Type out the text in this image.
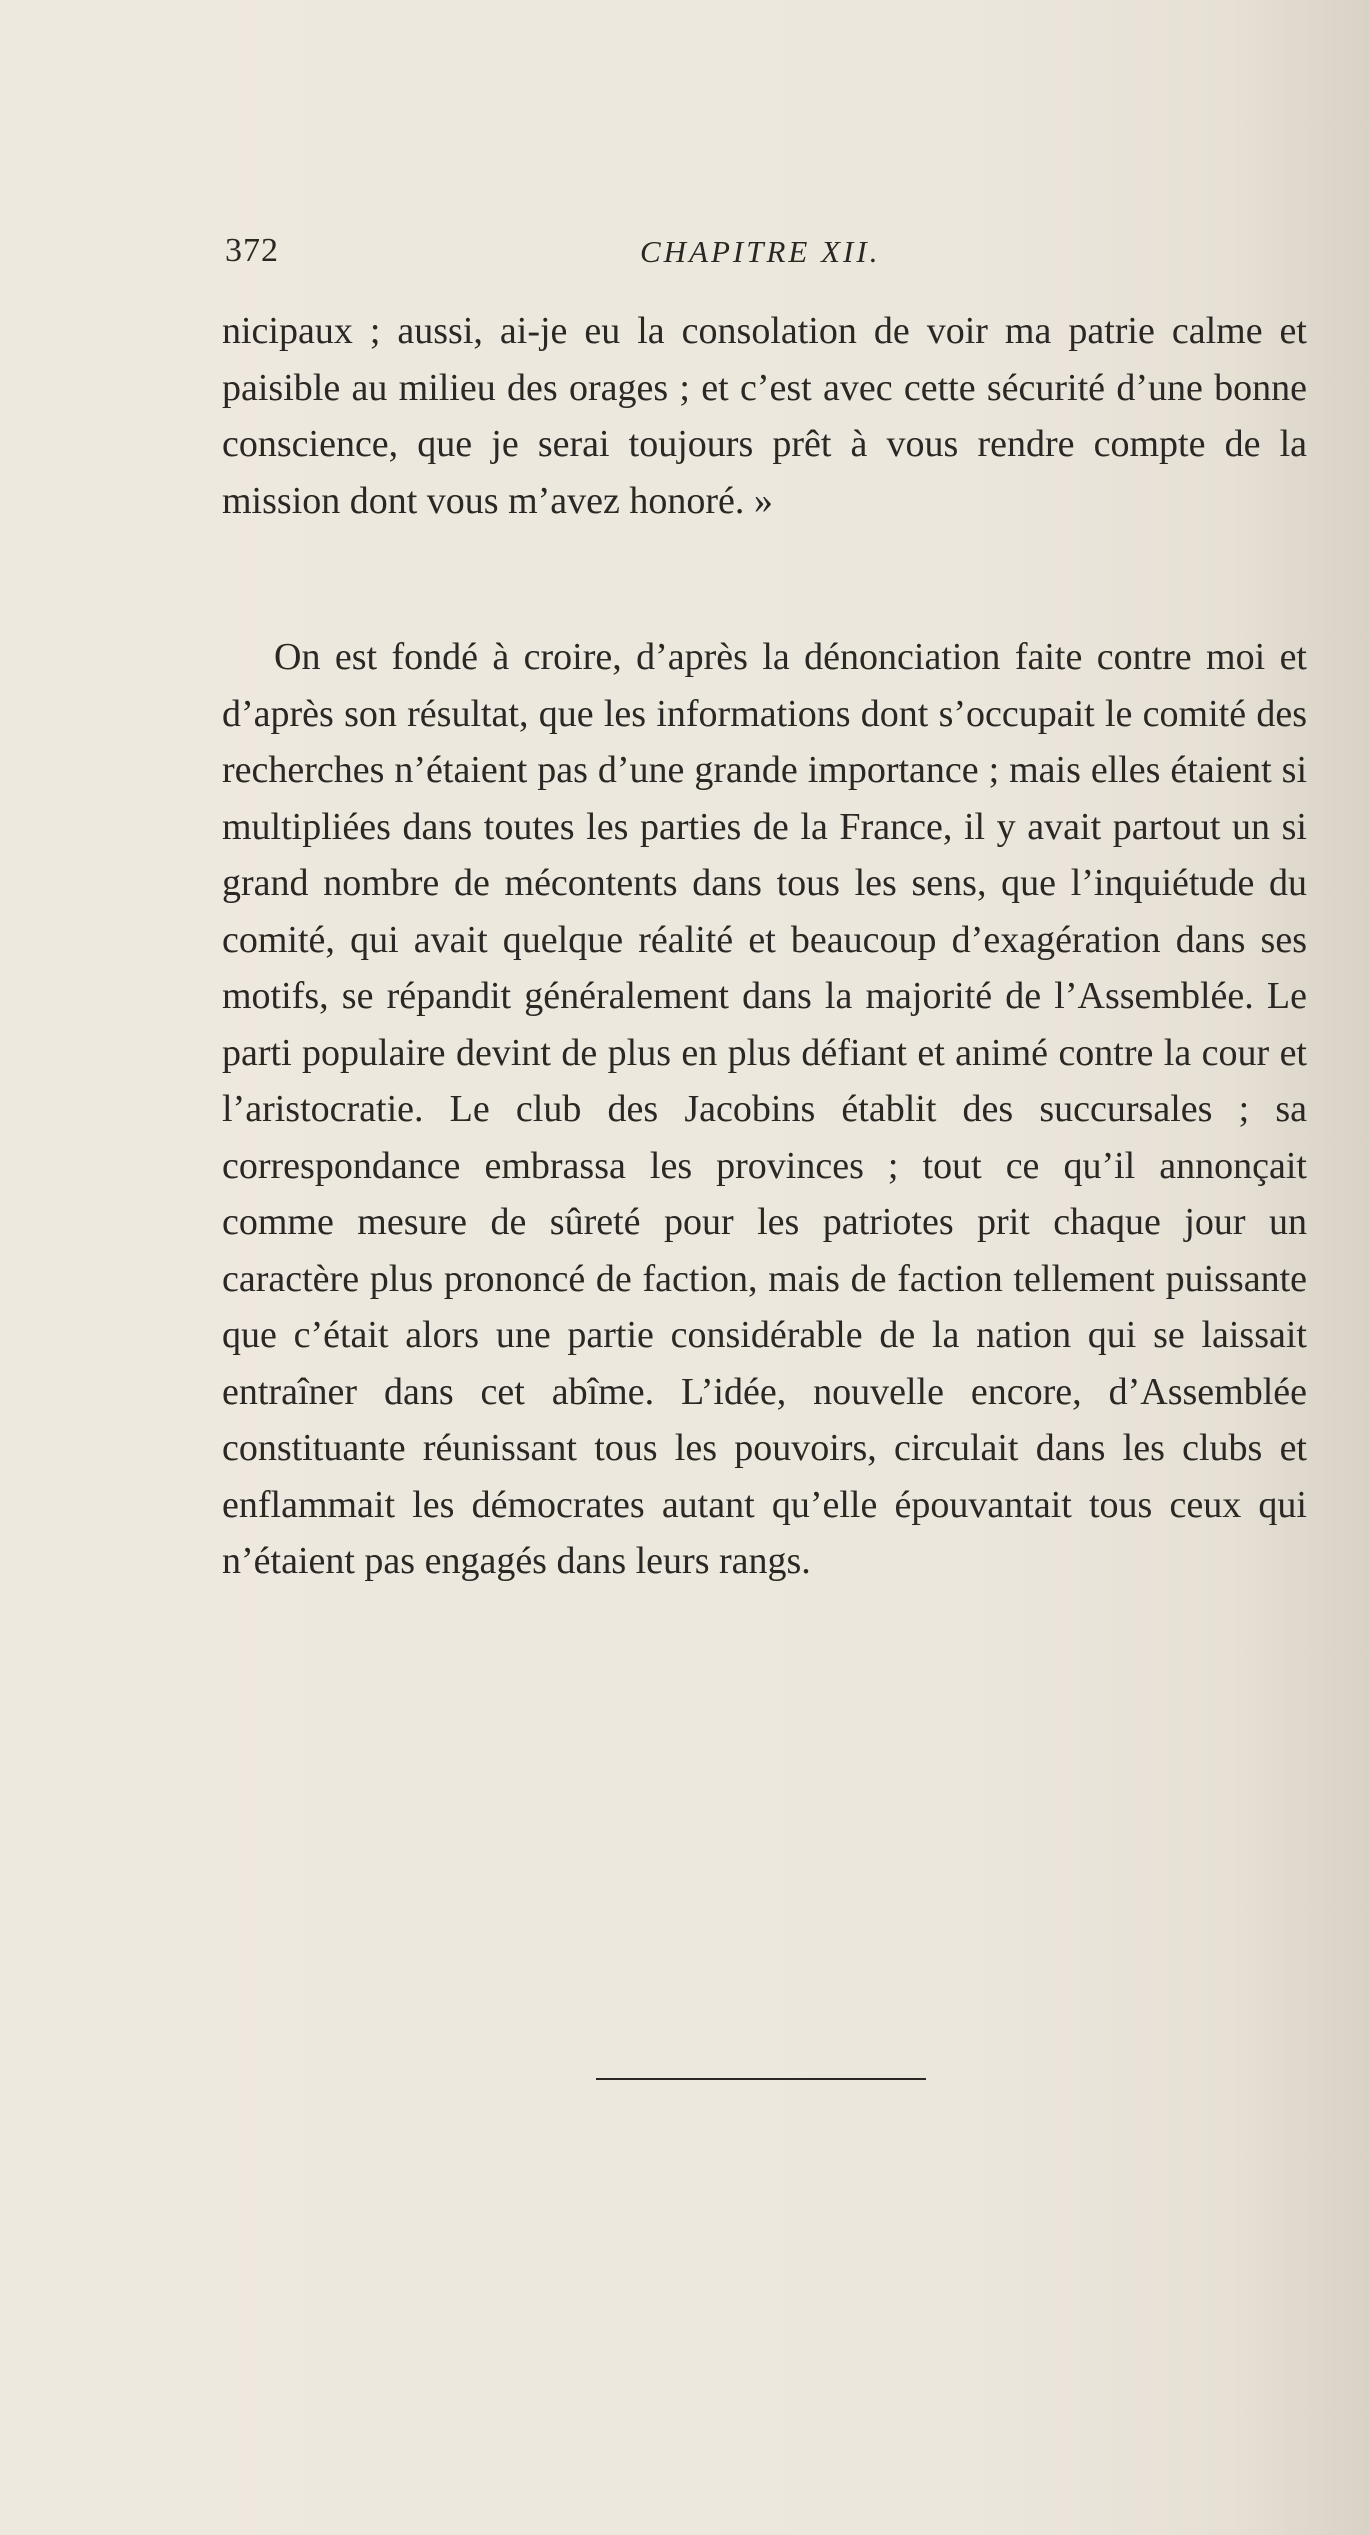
372	CHAPITRE XII.

nicipaux ; aussi, ai-je eu la consolation de voir ma patrie calme et paisible au milieu des orages ; et c’est avec cette sécurité d’une bonne conscience, que je serai toujours prêt à vous rendre compte de la mission dont vous m’avez honoré. »

On est fondé à croire, d’après la dénonciation faite contre moi et d’après son résultat, que les informations dont s’occupait le comité des recherches n’étaient pas d’une grande importance ; mais elles étaient si multipliées dans toutes les parties de la France, il y avait partout un si grand nombre de mécontents dans tous les sens, que l’inquiétude du comité, qui avait quelque réalité et beaucoup d’exagération dans ses motifs, se répandit généralement dans la majorité de l’Assemblée. Le parti populaire devint de plus en plus défiant et animé contre la cour et l’aristocratie. Le club des Jacobins établit des succursales ; sa correspondance embrassa les provinces ; tout ce qu’il annonçait comme mesure de sûreté pour les patriotes prit chaque jour un caractère plus prononcé de faction, mais de faction tellement puissante que c’était alors une partie considérable de la nation qui se laissait entraîner dans cet abîme. L’idée, nouvelle encore, d’Assemblée constituante réunissant tous les pouvoirs, circulait dans les clubs et enflammait les démocrates autant qu’elle épouvantait tous ceux qui n’étaient pas engagés dans leurs rangs.
